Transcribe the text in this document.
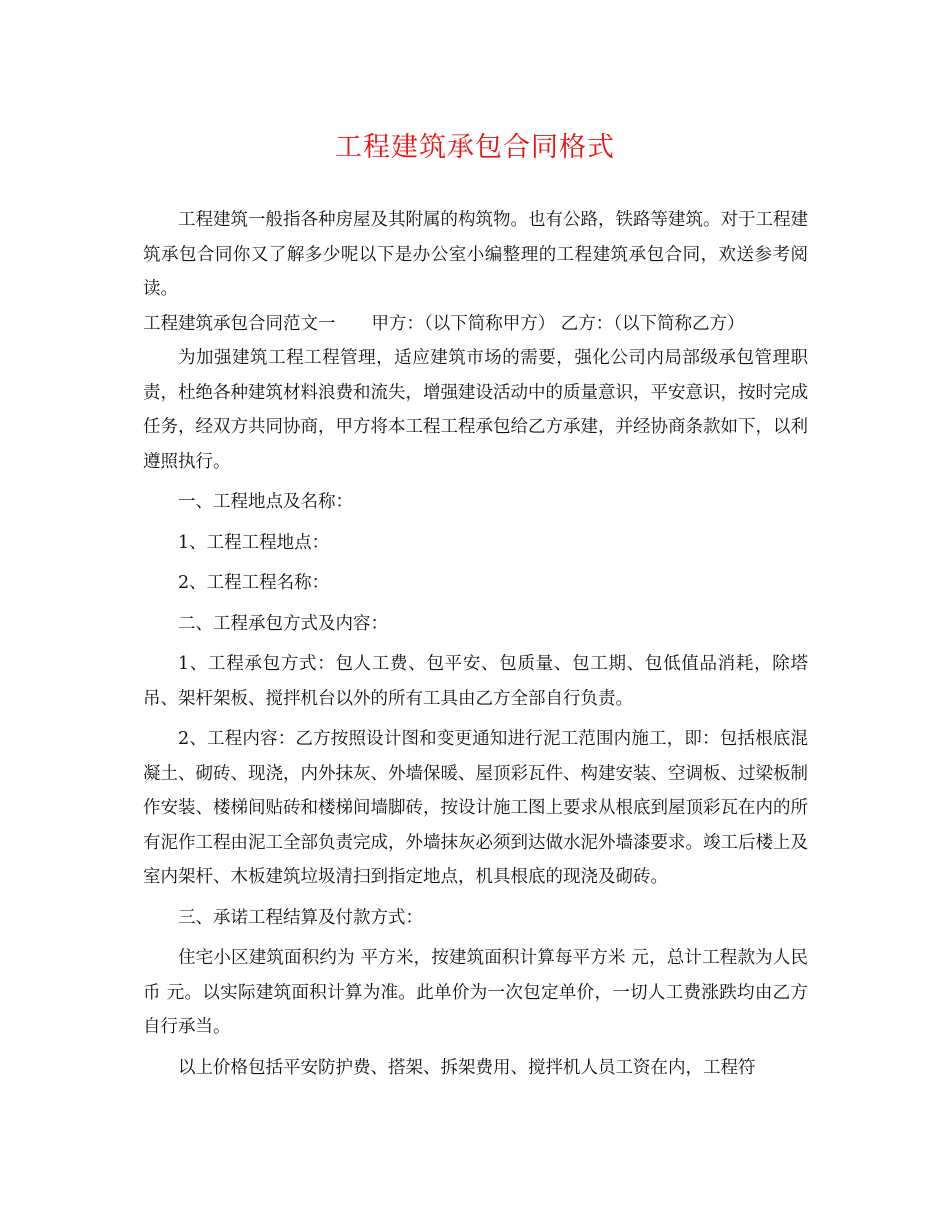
工程建筑承包合同格式

工程建筑一般指各种房屋及其附属的构筑物。也有公路，铁路等建筑。对于工程建筑承包合同你又了解多少呢以下是办公室小编整理的工程建筑承包合同，欢送参考阅读。

工程建筑承包合同范文一 甲方：（以下简称甲方） 乙方：（以下简称乙方）

为加强建筑工程工程管理，适应建筑市场的需要，强化公司内局部级承包管理职责，杜绝各种建筑材料浪费和流失，增强建设活动中的质量意识，平安意识，按时完成任务，经双方共同协商，甲方将本工程工程承包给乙方承建，并经协商条款如下，以利遵照执行。

一、工程地点及名称：

1、工程工程地点：

2、工程工程名称：

二、工程承包方式及内容：

1、工程承包方式：包人工费、包平安、包质量、包工期、包低值品消耗，除塔吊、架杆架板、搅拌机台以外的所有工具由乙方全部自行负责。

2、工程内容：乙方按照设计图和变更通知进行泥工范围内施工，即：包括根底混凝土、砌砖、现浇，内外抹灰、外墙保暖、屋顶彩瓦件、构建安装、空调板、过梁板制作安装、楼梯间贴砖和楼梯间墙脚砖，按设计施工图上要求从根底到屋顶彩瓦在内的所有泥作工程由泥工全部负责完成，外墙抹灰必须到达做水泥外墙漆要求。竣工后楼上及室内架杆、木板建筑垃圾清扫到指定地点，机具根底的现浇及砌砖。

三、承诺工程结算及付款方式：

住宅小区建筑面积约为 平方米，按建筑面积计算每平方米 元，总计工程款为人民币 元。以实际建筑面积计算为准。此单价为一次包定单价，一切人工费涨跌均由乙方自行承当。

以上价格包括平安防护费、搭架、拆架费用、搅拌机人员工资在内，工程符
